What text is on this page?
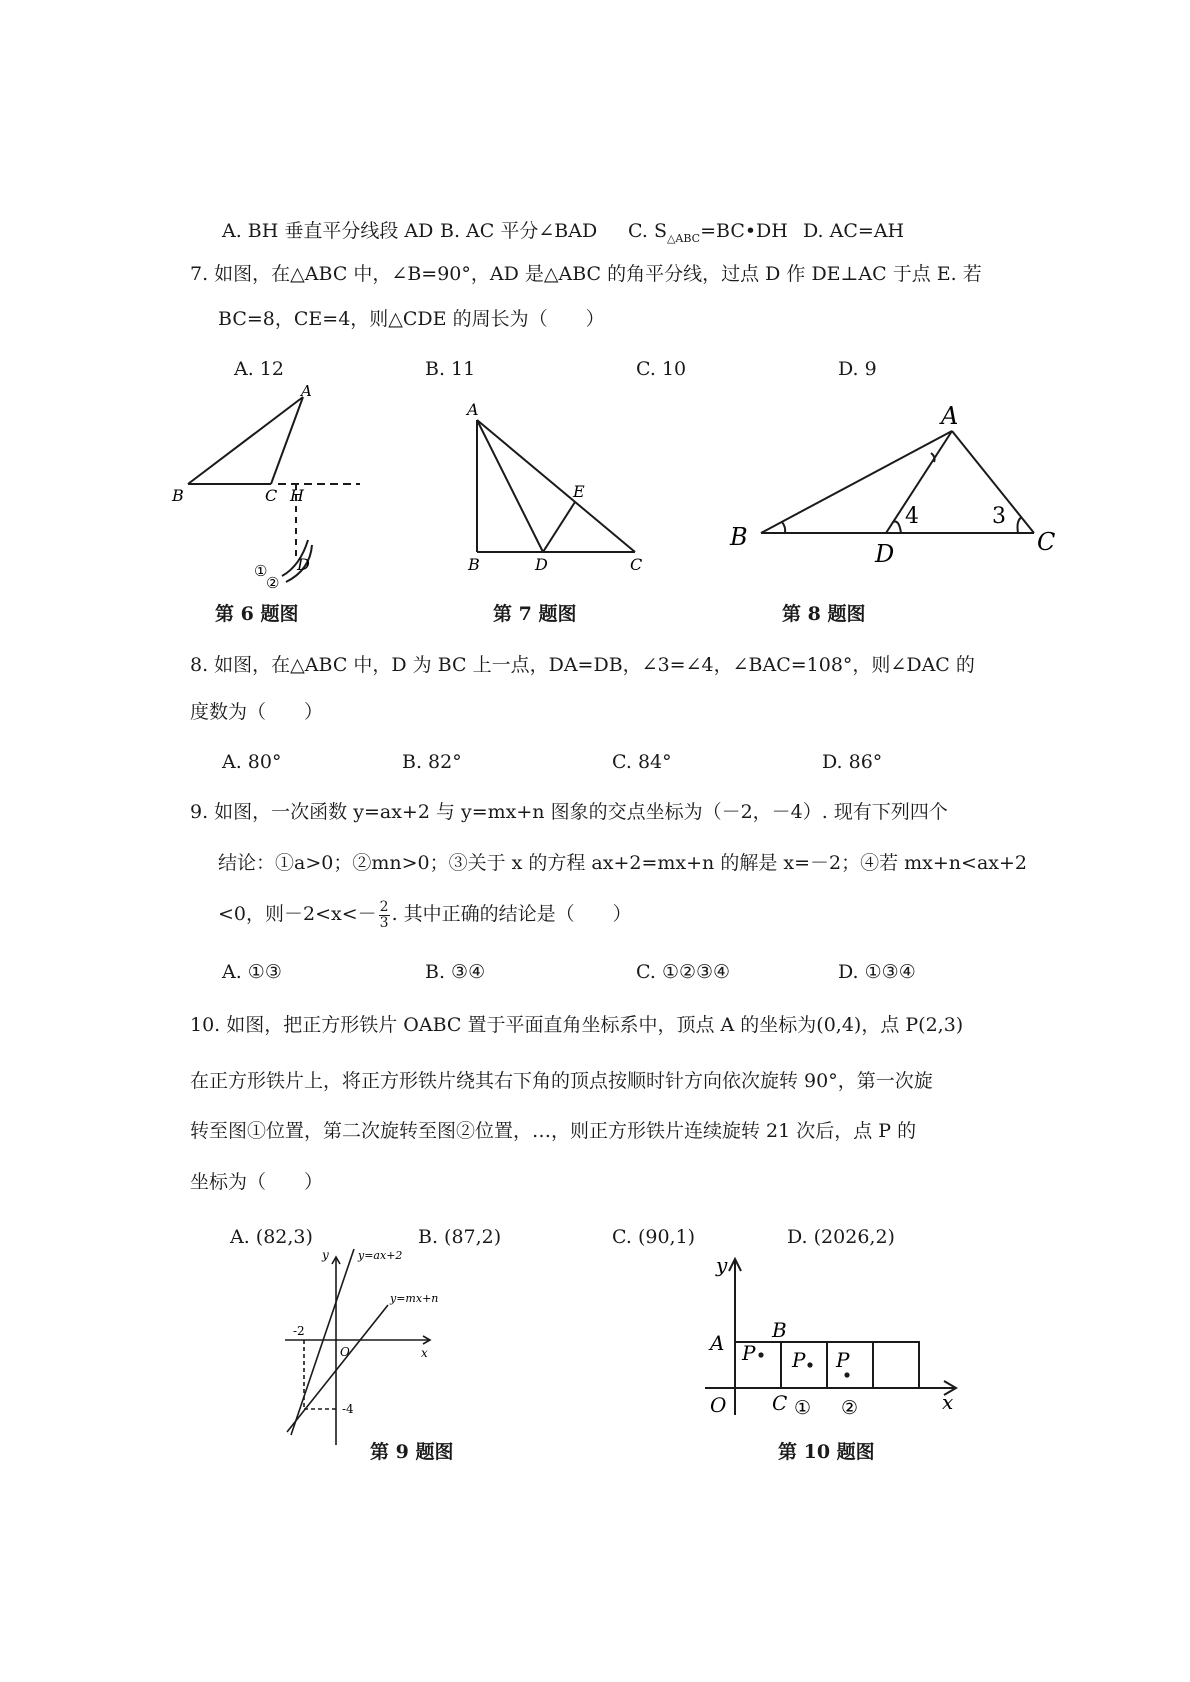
A. BH 垂直平分线段 AD B. AC 平分∠BAD C. $S_{\triangle ABC}=BC•DH$ D. AC=AH
7. 如图，在△ABC 中，∠B=90°，AD 是△ABC 的角平分线，过点 D 作 DE⊥AC 于点 E. 若
BC=8，CE=4，则△CDE 的周长为（　　）
A. 12	B. 11	C. 10	D. 9
A
B	C H
D
①
②
第 6 题图
A
E
B	D	C
第 7 题图
A
B
D	C
4	3
第 8 题图
8. 如图，在△ABC 中，D 为 BC 上一点，DA=DB，∠3=∠4，∠BAC=108°，则∠DAC 的
度数为（　　）
A. 80°	B. 82°	C. 84°	D. 86°
9. 如图，一次函数 y=ax+2 与 y=mx+n 图象的交点坐标为（－2，－4）. 现有下列四个
结论：①a>0；②mn>0；③关于 x 的方程 ax+2=mx+n 的解是 x=－2；④若 mx+n<ax+2
<0，则$-2<x<- \frac{2}{3}$ . 其中正确的结论是（　　）
A. ①③	B. ③④	C. ①②③④	D. ①③④
10. 如图，把正方形铁片 OABC 置于平面直角坐标系中，顶点 A 的坐标为(0,4)，点 P(2,3)
在正方形铁片上，将正方形铁片绕其右下角的顶点按顺时针方向依次旋转 90°，第一次旋
转至图①位置，第二次旋转至图②位置，…，则正方形铁片连续旋转 21 次后，点 P 的
坐标为（　　）
A. (82,3)	B. (87,2)	C. (90,1)	D. (2026,2)
y	y=ax+2
y=mx+n
-2
O	x
-4
第 9 题图
y
A
B
P P P
O C ① ②	x
第 10 题图
